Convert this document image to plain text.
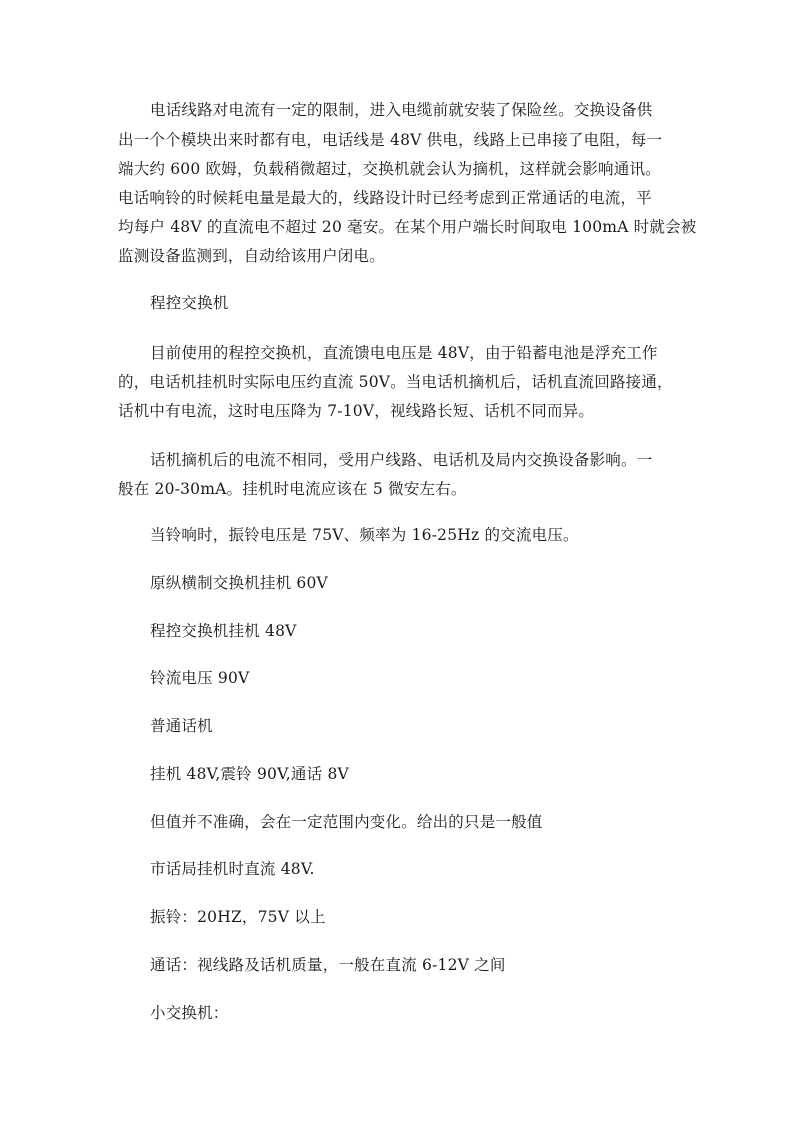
电话线路对电流有一定的限制，进入电缆前就安装了保险丝。交换设备供
出一个个模块出来时都有电，电话线是 48V 供电，线路上已串接了电阻，每一
端大约 600 欧姆，负载稍微超过，交换机就会认为摘机，这样就会影响通讯。
电话响铃的时候耗电量是最大的，线路设计时已经考虑到正常通话的电流，平
均每户 48V 的直流电不超过 20 毫安。在某个用户端长时间取电 100mA 时就会被
监测设备监测到，自动给该用户闭电。
程控交换机
目前使用的程控交换机，直流馈电电压是 48V，由于铅蓄电池是浮充工作
的，电话机挂机时实际电压约直流 50V。当电话机摘机后，话机直流回路接通，
话机中有电流，这时电压降为 7-10V，视线路长短、话机不同而异。
话机摘机后的电流不相同，受用户线路、电话机及局内交换设备影响。一
般在 20-30mA。挂机时电流应该在 5 微安左右。
当铃响时，振铃电压是 75V、频率为 16-25Hz 的交流电压。
原纵横制交换机挂机 60V
程控交换机挂机 48V
铃流电压 90V
普通话机
挂机 48V,震铃 90V,通话 8V
但值并不准确，会在一定范围内变化。给出的只是一般值
市话局挂机时直流 48V.
振铃：20HZ，75V 以上
通话：视线路及话机质量，一般在直流 6-12V 之间
小交换机：
